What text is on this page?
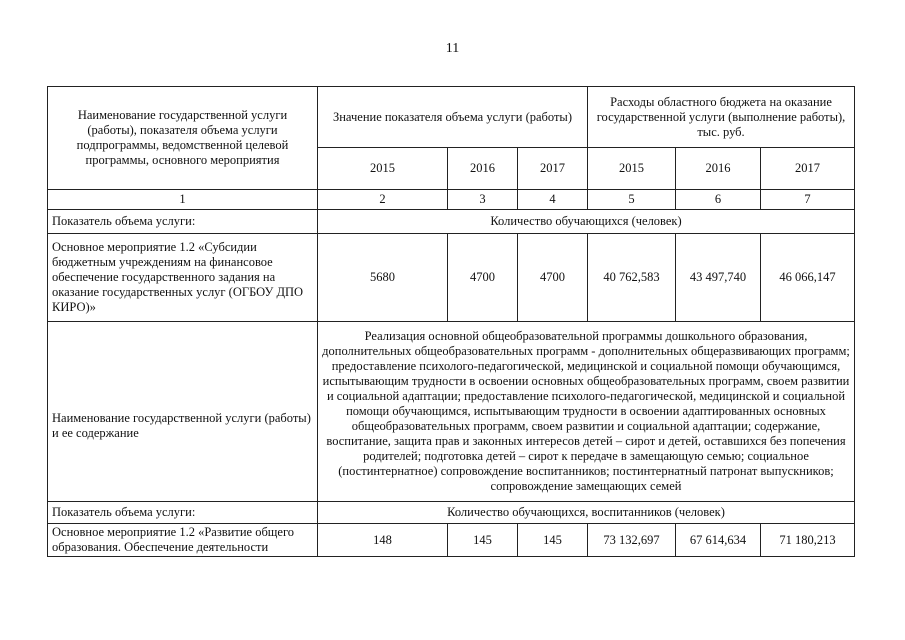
11
Наименование государственной услуги (работы), показателя объема услуги подпрограммы, ведомственной целевой программы, основного мероприятия	Значение показателя объема услуги (работы)			Расходы областного бюджета на оказание государственной услуги (выполнение работы), тыс. руб.		
	2015	2016	2017	2015	2016	2017
1	2	3	4	5	6	7
Показатель объема услуги:	Количество обучающихся (человек)					
Основное мероприятие 1.2 «Субсидии бюджетным учреждениям на финансовое обеспечение государственного задания на оказание государственных услуг (ОГБОУ ДПО КИРО)»	5680	4700	4700	40 762,583	43 497,740	46 066,147
Наименование государственной услуги (работы) и ее содержание	Реализация основной общеобразовательной программы дошкольного образования, дополнительных общеобразовательных программ - дополнительных общеразвивающих программ; предоставление психолого-педагогической, медицинской и социальной помощи обучающимся, испытывающим трудности в освоении основных общеобразовательных программ, своем развитии и социальной адаптации; предоставление психолого-педагогической, медицинской и социальной помощи обучающимся, испытывающим трудности в освоении адаптированных основных общеобразовательных программ, своем развитии и социальной адаптации; содержание, воспитание, защита прав и законных интересов детей – сирот и детей, оставшихся без попечения родителей; подготовка детей – сирот к передаче в замещающую семью; социальное (постинтернатное) сопровождение воспитанников; постинтернатный патронат выпускников; сопровождение замещающих семей					
Показатель объема услуги:	Количество обучающихся, воспитанников (человек)					
Основное мероприятие 1.2 «Развитие общего образования. Обеспечение деятельности	148	145	145	73 132,697	67 614,634	71 180,213
